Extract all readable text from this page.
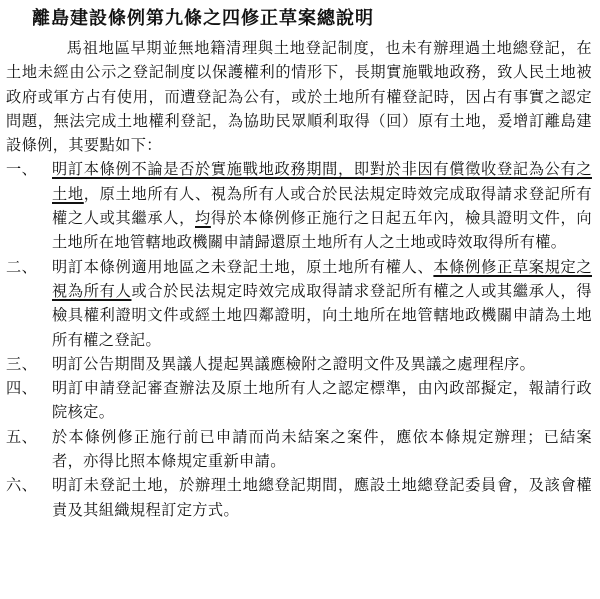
離島建設條例第九條之四修正草案總說明

馬祖地區早期並無地籍清理與土地登記制度，也未有辦理過土地總登記，在土地未經由公示之登記制度以保護權利的情形下，長期實施戰地政務，致人民土地被政府或軍方占有使用，而遭登記為公有，或於土地所有權登記時，因占有事實之認定問題，無法完成土地權利登記，為協助民眾順利取得（回）原有土地，爰增訂離島建設條例，其要點如下：

一、 明訂本條例不論是否於實施戰地政務期間，即對於非因有償徵收登記為公有之土地，原土地所有人、視為所有人或合於民法規定時效完成取得請求登記所有權之人或其繼承人，均得於本條例修正施行之日起五年內，檢具證明文件，向土地所在地管轄地政機關申請歸還原土地所有人之土地或時效取得所有權。
二、 明訂本條例適用地區之未登記土地，原土地所有權人、本條例修正草案規定之視為所有人或合於民法規定時效完成取得請求登記所有權之人或其繼承人，得檢具權利證明文件或經土地四鄰證明，向土地所在地管轄地政機關申請為土地所有權之登記。
三、 明訂公告期間及異議人提起異議應檢附之證明文件及異議之處理程序。
四、 明訂申請登記審查辦法及原土地所有人之認定標準，由內政部擬定，報請行政院核定。
五、 於本條例修正施行前已申請而尚未結案之案件，應依本條規定辦理；已結案者，亦得比照本條規定重新申請。
六、 明訂未登記土地，於辦理土地總登記期間，應設土地總登記委員會，及該會權責及其組織規程訂定方式。
